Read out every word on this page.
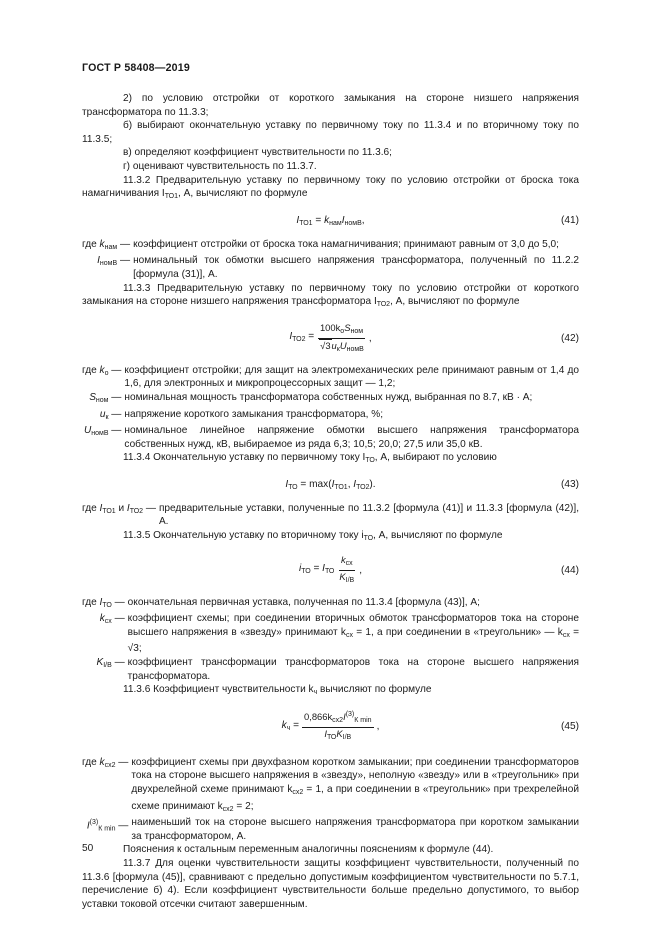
ГОСТ Р 58408—2019

2) по условию отстройки от короткого замыкания на стороне низшего напряжения трансформатора по 11.3.3;

б) выбирают окончательную уставку по первичному току по 11.3.4 и по вторичному току по 11.3.5;

в) определяют коэффициент чувствительности по 11.3.6;

г) оценивают чувствительность по 11.3.7.

11.3.2 Предварительную уставку по первичному току по условию отстройки от броска тока намагничивания $I_{ТО1}$, А, вычисляют по формуле

$I_{ТО1} = k_{нам}I_{номВ}$,	(41)
где $k_{нам}$ — коэффициент отстройки от броска тока намагничивания; принимают равным от 3,0 до 5,0;
$I_{номВ}$ — номинальный ток обмотки высшего напряжения трансформатора, полученный по 11.2.2 [формула (31)], А.

11.3.3 Предварительную уставку по первичному току по условию отстройки от короткого замыкания на стороне низшего напряжения трансформатора $I_{ТО2}$, А, вычисляют по формуле

$I_{ТО2} = \frac{100k_oS_{ном}}{√3u_кU_{номВ}}$ ,	(42)
где $k_o$ — коэффициент отстройки; для защит на электромеханических реле принимают равным от 1,4 до 1,6, для электронных и микропроцессорных защит — 1,2;
$S_{ном}$ — номинальная мощность трансформатора собственных нужд, выбранная по 8.7, кВ · А;
$u_к$ — напряжение короткого замыкания трансформатора, %;
$U_{номВ}$ — номинальное линейное напряжение обмотки высшего напряжения трансформатора собственных нужд, кВ, выбираемое из ряда 6,3; 10,5; 20,0; 27,5 или 35,0 кВ.

11.3.4 Окончательную уставку по первичному току $I_{ТО}$, А, выбирают по условию

$I_{ТО} = \max(I_{ТО1}$, $I_{ТО2}$).	(43)
где $I_{ТО1}$ и $I_{ТО2}$ — предварительные уставки, полученные по 11.3.2 [формула (41)] и 11.3.3 [формула (42)], А.

11.3.5 Окончательную уставку по вторичному току $i_{ТО}$, А, вычисляют по формуле

$i_{ТО} = I_{ТО} \frac{k_{сх}}{K_{I/В}}$ ,	(44)
где $I_{ТО}$ — окончательная первичная уставка, полученная по 11.3.4 [формула (43)], А;
$k_{сх}$ — коэффициент схемы; при соединении вторичных обмоток трансформаторов тока на стороне высшего напряжения в «звезду» принимают $k_{сх} = 1$, а при соединении в «треугольник» — $k_{сх} = √3$;
$K_{I/В}$ — коэффициент трансформации трансформаторов тока на стороне высшего напряжения трансформатора.

11.3.6 Коэффициент чувствительности $k_ч$ вычисляют по формуле

$k_ч = \frac{0,866k_{сх2}I^{(3)}_{К min}}{I_{ТО}K_{I/В}}$ ,	(45)
где $k_{сх2}$ — коэффициент схемы при двухфазном коротком замыкании; при соединении трансформаторов тока на стороне высшего напряжения в «звезду», неполную «звезду» или в «треугольник» при двухрелейной схеме принимают $k_{сх2} = 1$, а при соединении в «треугольник» при трехрелейной схеме принимают $k_{сх2} = 2$;
$I^{(3)}_{К min}$ — наименьший ток на стороне высшего напряжения трансформатора при коротком замыкании за трансформатором, А.

Пояснения к остальным переменным аналогичны пояснениям к формуле (44).

11.3.7 Для оценки чувствительности защиты коэффициент чувствительности, полученный по 11.3.6 [формула (45)], сравнивают с предельно допустимым коэффициентом чувствительности по 5.7.1, перечисление б) 4). Если коэффициент чувствительности больше предельно допустимого, то выбор уставки токовой отсечки считают завершенным.

50
